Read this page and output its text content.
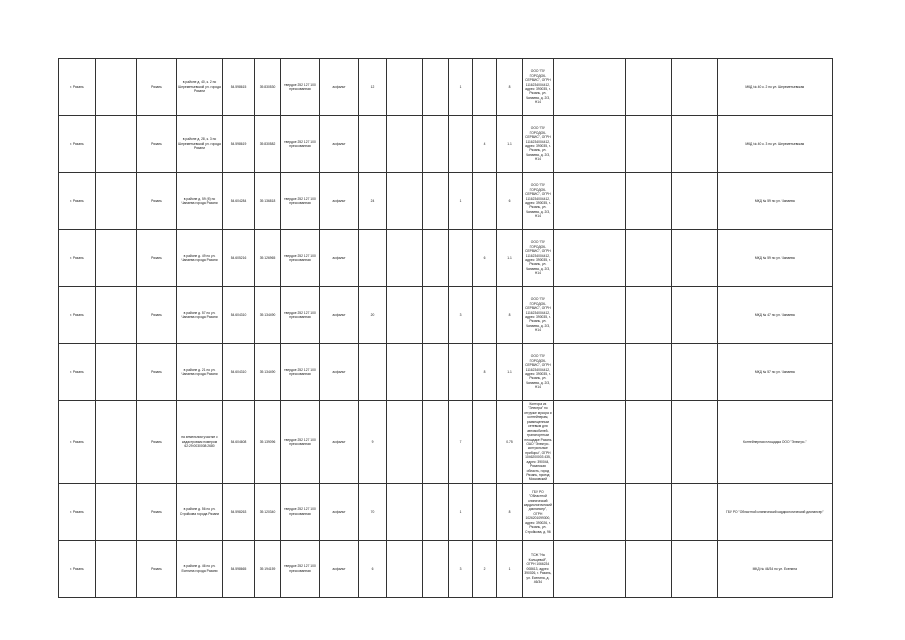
г. Рязань		Рязань	в районе д. 40, к. 2 по Шереметьевской ул. города Рязани	54.598615	39.830530	твердое 252 127 100 прессованная	асфальт	12			1		8	ООО "ПУ ГОРОДОК-СЕРВИС", ОГРН 1116234004412, адрес: 390035, г. Рязань, ул. Чапаева, д. 2/3, Н14				МКД № 40 к. 2 по ул. Шереметьевская
г. Рязань		Рязань	в районе д. 28, к. 3 по Шереметьевской ул. города Рязани	54.598619	39.830582	твердое 252 127 100 прессованная	асфальт					4	1.1	ООО "ПУ ГОРОДОК-СЕРВИС", ОГРН 1116234004412, адрес: 390035, г. Рязань, ул. Чапаева, д. 2/3, Н14				МКД № 40 к. 3 по ул. Шереметьевская
г. Рязань		Рязань	в районе д. 59 (б) по Чапаева города Рязани	54.604284	39.136818	твердое 252 127 100 прессованная	асфальт	24			1		6	ООО "ПУ ГОРОДОК-СЕРВИС", ОГРН 1116234004412, адрес: 390035, г. Рязань, ул. Чапаева, д. 2/3, Н14				МКД № 59 по ул. Чапаева
г. Рязань		Рязань	в районе д. 49 по ул. Чапаева города Рязани	54.605216	39.126965	твердое 252 127 100 прессованная	асфальт					6	1.1	ООО "ПУ ГОРОДОК-СЕРВИС", ОГРН 1116234004412, адрес: 390035, г. Рязань, ул. Чапаева, д. 2/3, Н14				МКД № 59 по ул. Чапаева
г. Рязань		Рязань	в районе д. 57 по ул. Чапаева города Рязани	54.604310	39.134490	твердое 252 127 100 прессованная	асфальт	20			3		8	ООО "ПУ ГОРОДОК-СЕРВИС", ОГРН 1116234004412, адрес: 390035, г. Рязань, ул. Чапаева, д. 2/3, Н14				МКД № 47 по ул. Чапаева
г. Рязань		Рязань	в районе д. 21 по ул. Чапаева города Рязани	54.604310	39.134490	твердое 252 127 100 прессованная	асфальт					8	1.1	ООО "ПУ ГОРОДОК-СЕРВИС", ОГРН 1116234004412, адрес: 390035, г. Рязань, ул. Чапаева, д. 2/3, Н14				МКД № 57 по ул. Чапаева
г. Рязань		Рязань	на земельном участке с кадастровым номером 62:29:0030008:2680	54.604608	39.139096	твердое 252 127 100 прессованная	асфальт	9			7		0.75	Контора из "Электра" по отгрузке мусора и контейнерам, размещенным сетевым для автомобилей-транспортным площадке Рязань ОАО "Электро-контрольные приборы", ОГРН 1046200003 435, адрес: 390044, Рязанская область, город Рязань, проезд Московский				Контейнерная площадка ООО "Электро-"
г. Рязань		Рязань	в районе д. 56 по ул. Стройкова города Рязани	54.598263	39.120340	твердое 252 127 100 прессованная	асфальт	70			1		8	ГБУ РО "Областной клинический кардиологический диспансер", ОГРН 1026201099300, адрес: 390026, г. Рязань, ул. Стройкова, д. 96				ГБУ РО "Областной клинический кардиологический диспансер"
г. Рязань		Рязань	в районе д. 46 по ул. Есенина города Рязани	54.598665	39.194159	твердое 252 127 100 прессованная	асфальт	6			3	2	1	ТСЖ "На Кольцевой", ОГРН 1066234 008613, адрес: 390026, г. Рязань, ул. Есенина, д. 46/34				МКД № 46/34 по ул. Есенина
